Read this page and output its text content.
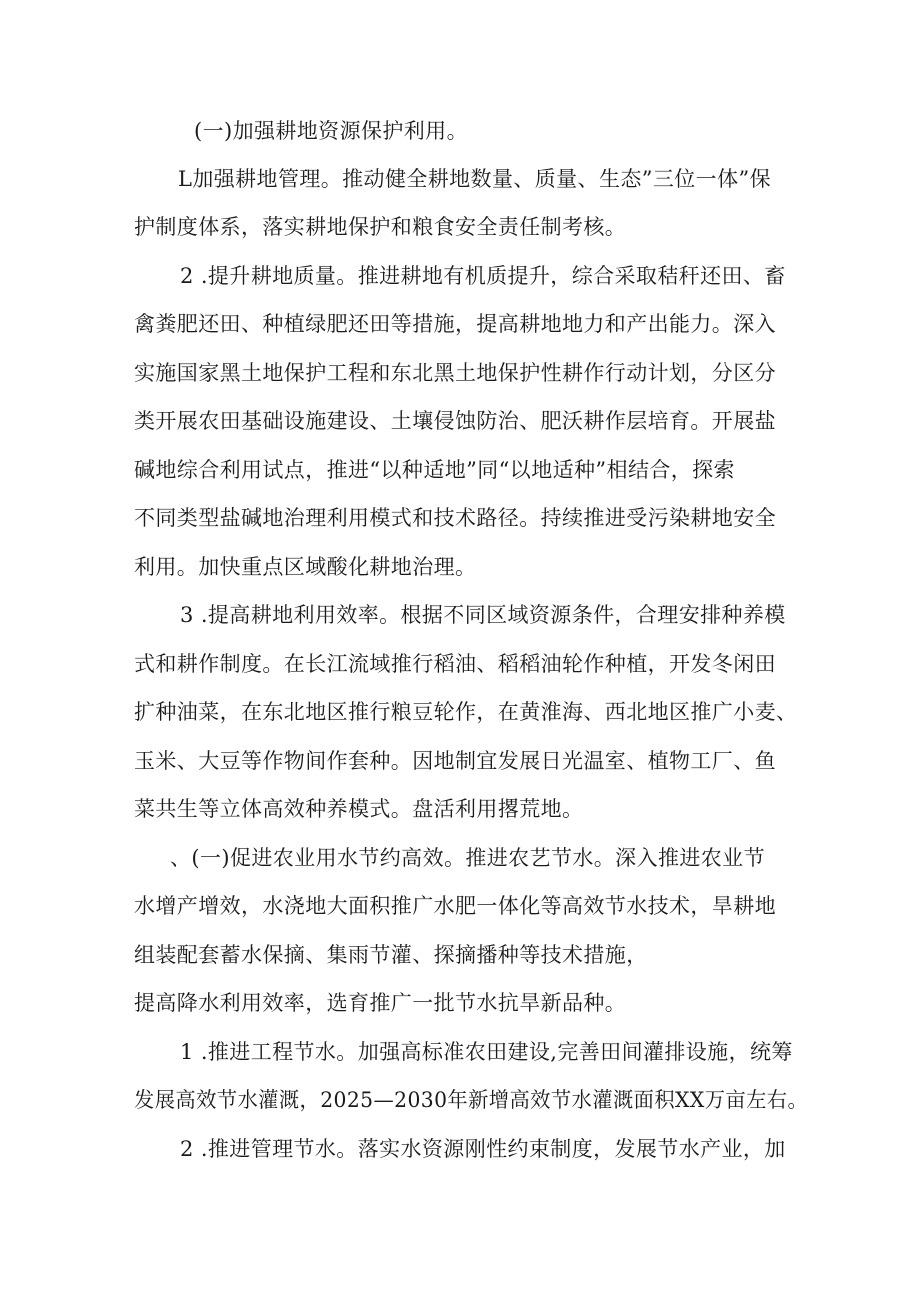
(一)加强耕地资源保护利用。
L加强耕地管理。推动健全耕地数量、质量、生态”三位一体”保
护制度体系，落实耕地保护和粮食安全责任制考核。
2 .提升耕地质量。推进耕地有机质提升，综合采取秸秆还田、畜
禽粪肥还田、种植绿肥还田等措施，提高耕地地力和产出能力。深入
实施国家黑土地保护工程和东北黑土地保护性耕作行动计划，分区分
类开展农田基础设施建设、土壤侵蚀防治、肥沃耕作层培育。开展盐
碱地综合利用试点，推进“以种适地”同“以地适种”相结合，探索
不同类型盐碱地治理利用模式和技术路径。持续推进受污染耕地安全
利用。加快重点区域酸化耕地治理。
3 .提高耕地利用效率。根据不同区域资源条件，合理安排种养模
式和耕作制度。在长江流域推行稻油、稻稻油轮作种植，开发冬闲田
扩种油菜，在东北地区推行粮豆轮作，在黄淮海、西北地区推广小麦、
玉米、大豆等作物间作套种。因地制宜发展日光温室、植物工厂、鱼
菜共生等立体高效种养模式。盘活利用撂荒地。
、(一)促进农业用水节约高效。推进农艺节水。深入推进农业节
水增产增效，水浇地大面积推广水肥一体化等高效节水技术，旱耕地
组装配套蓄水保摘、集雨节灌、探摘播种等技术措施，
提高降水利用效率，选育推广一批节水抗旱新品种。
1 .推进工程节水。加强高标准农田建设,完善田间灌排设施，统筹
发展高效节水灌溉，2025—2030年新增高效节水灌溉面积XX万亩左右。
2 .推进管理节水。落实水资源刚性约束制度，发展节水产业，加
